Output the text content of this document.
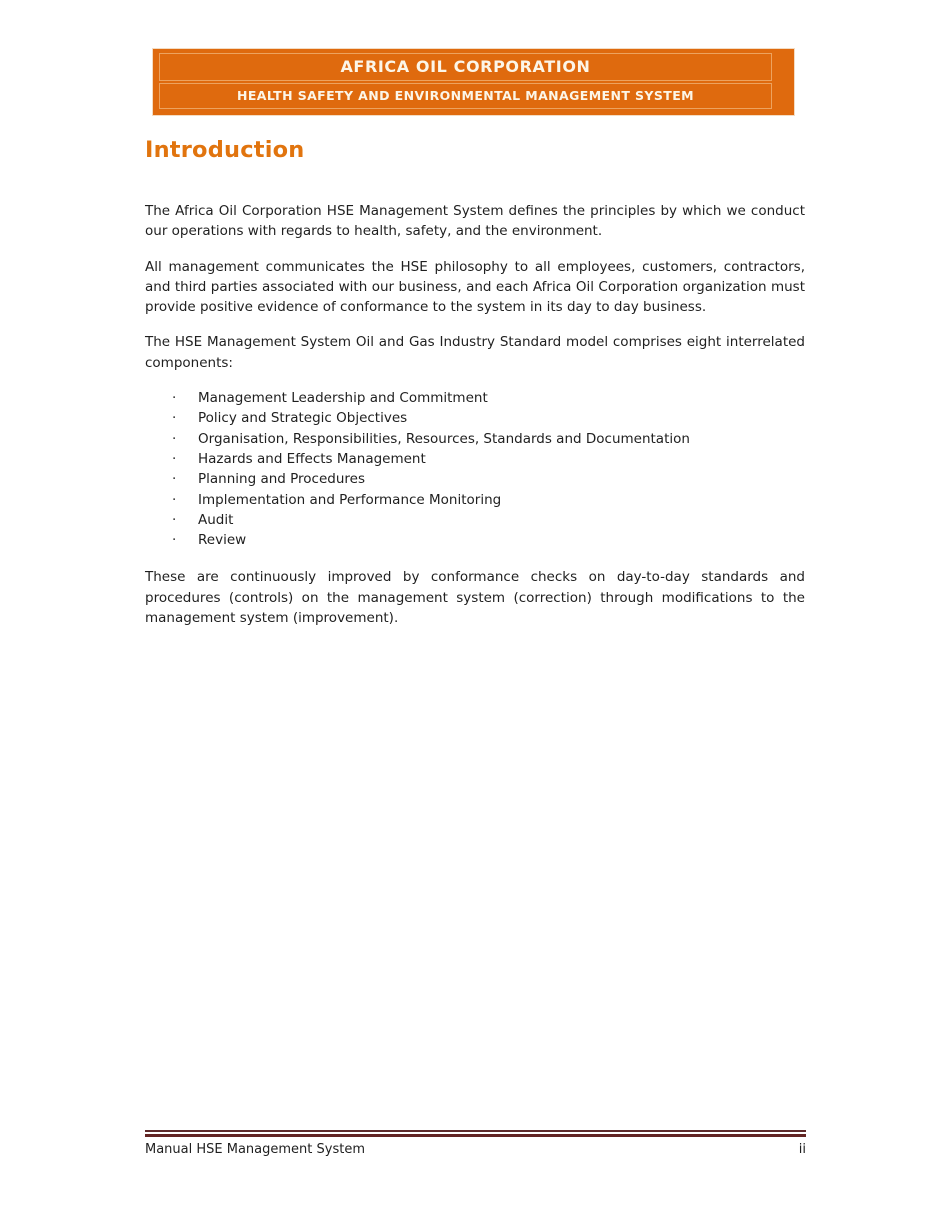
AFRICA OIL CORPORATION
HEALTH SAFETY AND ENVIRONMENTAL MANAGEMENT SYSTEM
Introduction

The Africa Oil Corporation HSE Management System defines the principles by which we conduct our operations with regards to health, safety, and the environment.

All management communicates the HSE philosophy to all employees, customers, contractors, and third parties associated with our business, and each Africa Oil Corporation organization must provide positive evidence of conformance to the system in its day to day business.

The HSE Management System Oil and Gas Industry Standard model comprises eight interrelated components:

·	Management Leadership and Commitment
·	Policy and Strategic Objectives
·	Organisation, Responsibilities, Resources, Standards and Documentation
·	Hazards and Effects Management
·	Planning and Procedures
·	Implementation and Performance Monitoring
·	Audit
·	Review

These are continuously improved by conformance checks on day-to-day standards and procedures (controls) on the management system (correction) through modifications to the management system (improvement).

Manual HSE Management System	ii
